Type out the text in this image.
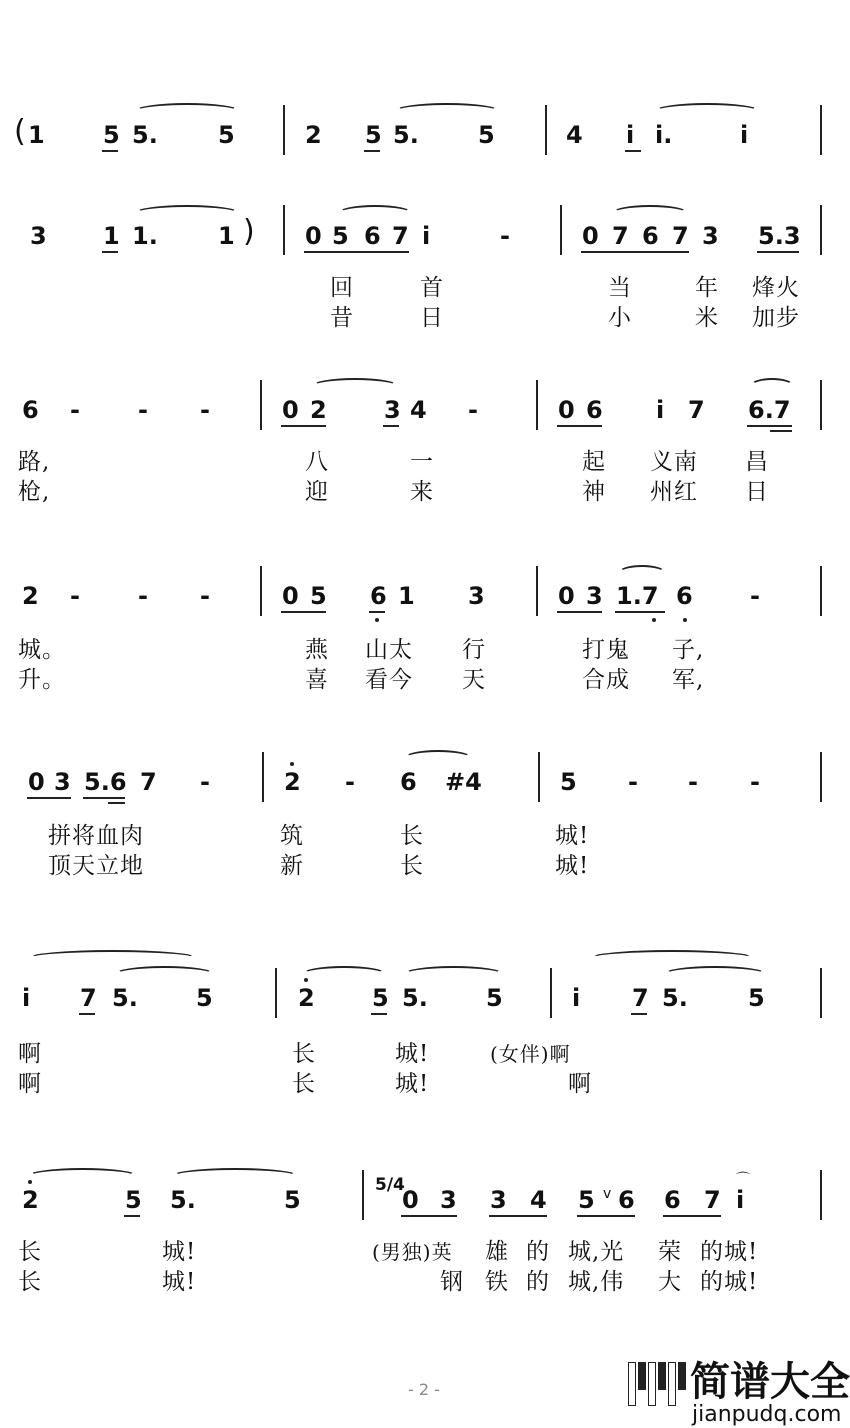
( 1 5 5.	5	2 5 5. 5	4 i i.	i
3 1 1.	1 ) 0 5 6 7 i	-	0 7 6 7 3 5.3
回	首	当	年 烽火
昔	日	小	米 加步
6 - - -	0 2 3 4 -	0 6 i 7 6.7
路,	八	一	起 义南 昌
枪,	迎	来	神 州红 日
2 - - -	0 5 6 1 3	0 3 1.7 6 -
城。	燕 山太 行	打鬼 子,
升。	喜 看今 天	合成 军,
0 3 5.6 7 -	2 - 6 #4	5 - - -
拼将血肉	筑	长	城!
顶天立地	新	长	城!
i 7 5. 5	2 5 5. 5	i 7 5.	5
啊	长	城!	(女伴)啊
啊	长	城!	啊
2	5 5.	5
5/4
0 3 3 4 5 v 6 6 7 i
⌒
长	城!	(男独)英 雄 的 城,光 荣 的城!
长	城!	钢 铁 的 城,伟 大 的城!
- 2 -	简谱大全
jianpudq.com
